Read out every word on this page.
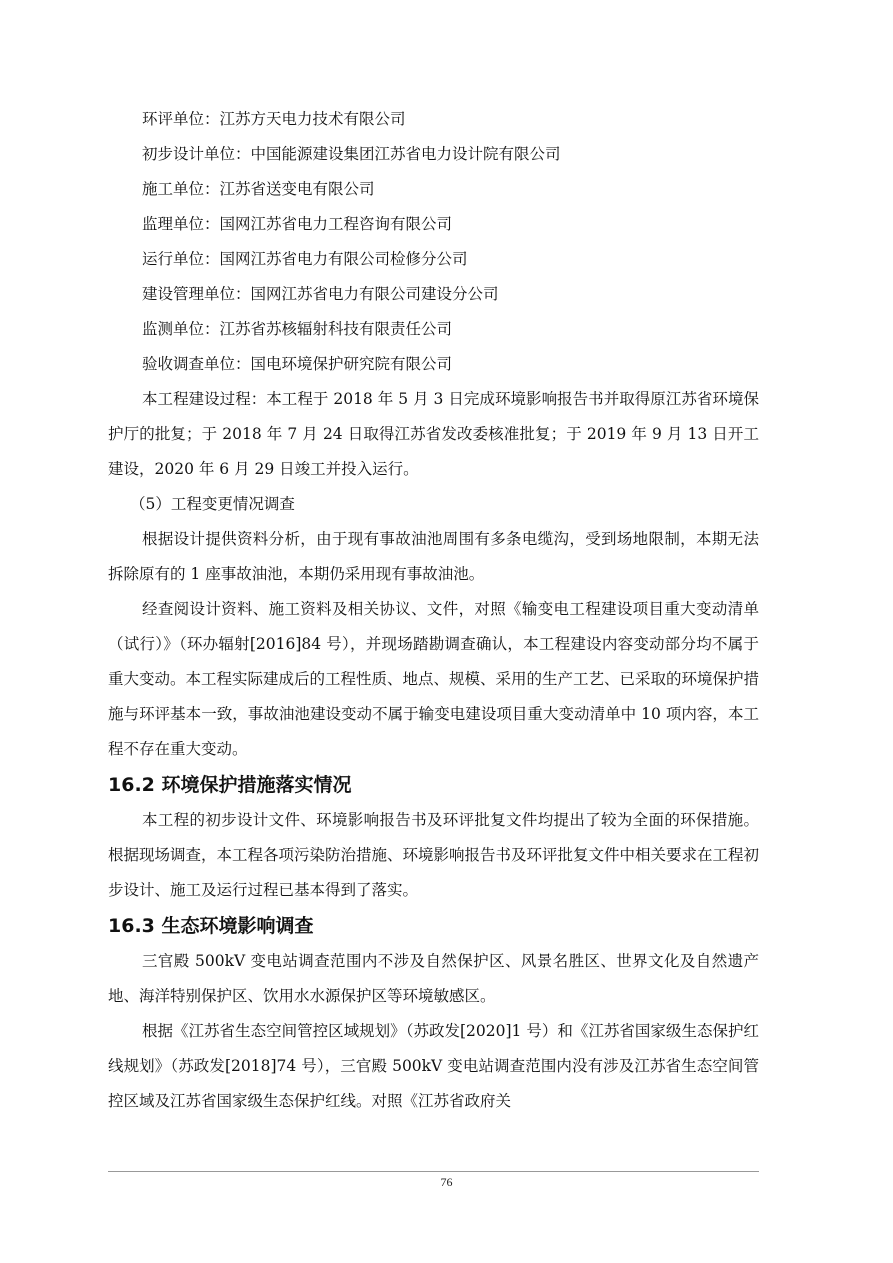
环评单位：江苏方天电力技术有限公司
初步设计单位：中国能源建设集团江苏省电力设计院有限公司
施工单位：江苏省送变电有限公司
监理单位：国网江苏省电力工程咨询有限公司
运行单位：国网江苏省电力有限公司检修分公司
建设管理单位：国网江苏省电力有限公司建设分公司
监测单位：江苏省苏核辐射科技有限责任公司
验收调查单位：国电环境保护研究院有限公司

本工程建设过程：本工程于 2018 年 5 月 3 日完成环境影响报告书并取得原江苏省环境保护厅的批复；于 2018 年 7 月 24 日取得江苏省发改委核准批复；于 2019 年 9 月 13 日开工建设，2020 年 6 月 29 日竣工并投入运行。

（5）工程变更情况调查

根据设计提供资料分析，由于现有事故油池周围有多条电缆沟，受到场地限制，本期无法拆除原有的 1 座事故油池，本期仍采用现有事故油池。

经查阅设计资料、施工资料及相关协议、文件，对照《输变电工程建设项目重大变动清单（试行）》（环办辐射[2016]84 号），并现场踏勘调查确认，本工程建设内容变动部分均不属于重大变动。本工程实际建成后的工程性质、地点、规模、采用的生产工艺、已采取的环境保护措施与环评基本一致，事故油池建设变动不属于输变电建设项目重大变动清单中 10 项内容，本工程不存在重大变动。

16.2 环境保护措施落实情况

本工程的初步设计文件、环境影响报告书及环评批复文件均提出了较为全面的环保措施。根据现场调查，本工程各项污染防治措施、环境影响报告书及环评批复文件中相关要求在工程初步设计、施工及运行过程已基本得到了落实。

16.3 生态环境影响调查

三官殿 500kV 变电站调查范围内不涉及自然保护区、风景名胜区、世界文化及自然遗产地、海洋特别保护区、饮用水水源保护区等环境敏感区。

根据《江苏省生态空间管控区域规划》（苏政发[2020]1 号）和《江苏省国家级生态保护红线规划》（苏政发[2018]74 号），三官殿 500kV 变电站调查范围内没有涉及江苏省生态空间管控区域及江苏省国家级生态保护红线。对照《江苏省政府关

76
